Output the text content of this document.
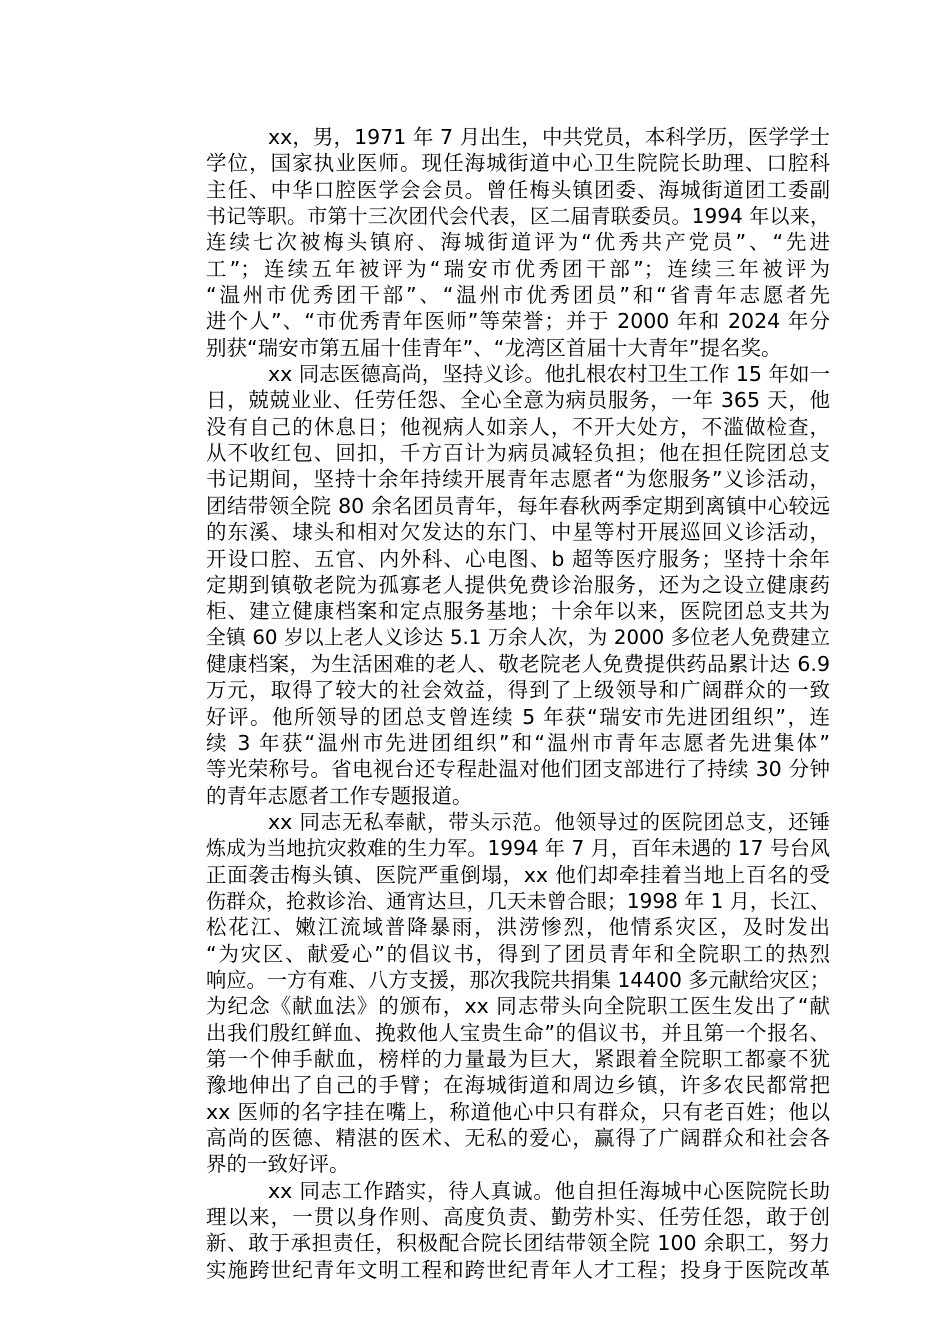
xx，男，1971 年 7 月出生，中共党员，本科学历，医学学士
学位，国家执业医师。现任海城街道中心卫生院院长助理、口腔科
主任、中华口腔医学会会员。曾任梅头镇团委、海城街道团工委副
书记等职。市第十三次团代会代表，区二届青联委员。1994 年以来，
连续七次被梅头镇府、海城街道评为“优秀共产党员”、“先进
工”；连续五年被评为“瑞安市优秀团干部”；连续三年被评为
“温州市优秀团干部”、“温州市优秀团员”和“省青年志愿者先
进个人”、“市优秀青年医师”等荣誉；并于 2000 年和 2024 年分
别获“瑞安市第五届十佳青年”、“龙湾区首届十大青年”提名奖。

xx 同志医德高尚，坚持义诊。他扎根农村卫生工作 15 年如一
日，兢兢业业、任劳任怨、全心全意为病员服务，一年 365 天，他
没有自己的休息日；他视病人如亲人，不开大处方，不滥做检查，
从不收红包、回扣，千方百计为病员减轻负担；他在担任院团总支
书记期间，坚持十余年持续开展青年志愿者“为您服务”义诊活动，
团结带领全院 80 余名团员青年，每年春秋两季定期到离镇中心较远
的东溪、埭头和相对欠发达的东门、中星等村开展巡回义诊活动，
开设口腔、五官、内外科、心电图、b 超等医疗服务；坚持十余年
定期到镇敬老院为孤寡老人提供免费诊治服务，还为之设立健康药
柜、建立健康档案和定点服务基地；十余年以来，医院团总支共为
全镇 60 岁以上老人义诊达 5.1 万余人次，为 2000 多位老人免费建立
健康档案，为生活困难的老人、敬老院老人免费提供药品累计达 6.9
万元，取得了较大的社会效益，得到了上级领导和广阔群众的一致
好评。他所领导的团总支曾连续 5 年获“瑞安市先进团组织”，连
续 3 年获“温州市先进团组织”和“温州市青年志愿者先进集体”
等光荣称号。省电视台还专程赴温对他们团支部进行了持续 30 分钟
的青年志愿者工作专题报道。

xx 同志无私奉献，带头示范。他领导过的医院团总支，还锤
炼成为当地抗灾救难的生力军。1994 年 7 月，百年未遇的 17 号台风
正面袭击梅头镇、医院严重倒塌，xx 他们却牵挂着当地上百名的受
伤群众，抢救诊治、通宵达旦，几天未曾合眼；1998 年 1 月，长江、
松花江、嫩江流域普降暴雨，洪涝惨烈，他情系灾区，及时发出
“为灾区、献爱心”的倡议书，得到了团员青年和全院职工的热烈
响应。一方有难、八方支援，那次我院共捐集 14400 多元献给灾区；
为纪念《献血法》的颁布，xx 同志带头向全院职工医生发出了“献
出我们殷红鲜血、挽救他人宝贵生命”的倡议书，并且第一个报名、
第一个伸手献血，榜样的力量最为巨大，紧跟着全院职工都豪不犹
豫地伸出了自己的手臂；在海城街道和周边乡镇，许多农民都常把
xx 医师的名字挂在嘴上，称道他心中只有群众，只有老百姓；他以
高尚的医德、精湛的医术、无私的爱心，赢得了广阔群众和社会各
界的一致好评。

xx 同志工作踏实，待人真诚。他自担任海城中心医院院长助
理以来，一贯以身作则、高度负责、勤劳朴实、任劳任怨，敢于创
新、敢于承担责任，积极配合院长团结带领全院 100 余职工，努力
实施跨世纪青年文明工程和跨世纪青年人才工程；投身于医院改革
